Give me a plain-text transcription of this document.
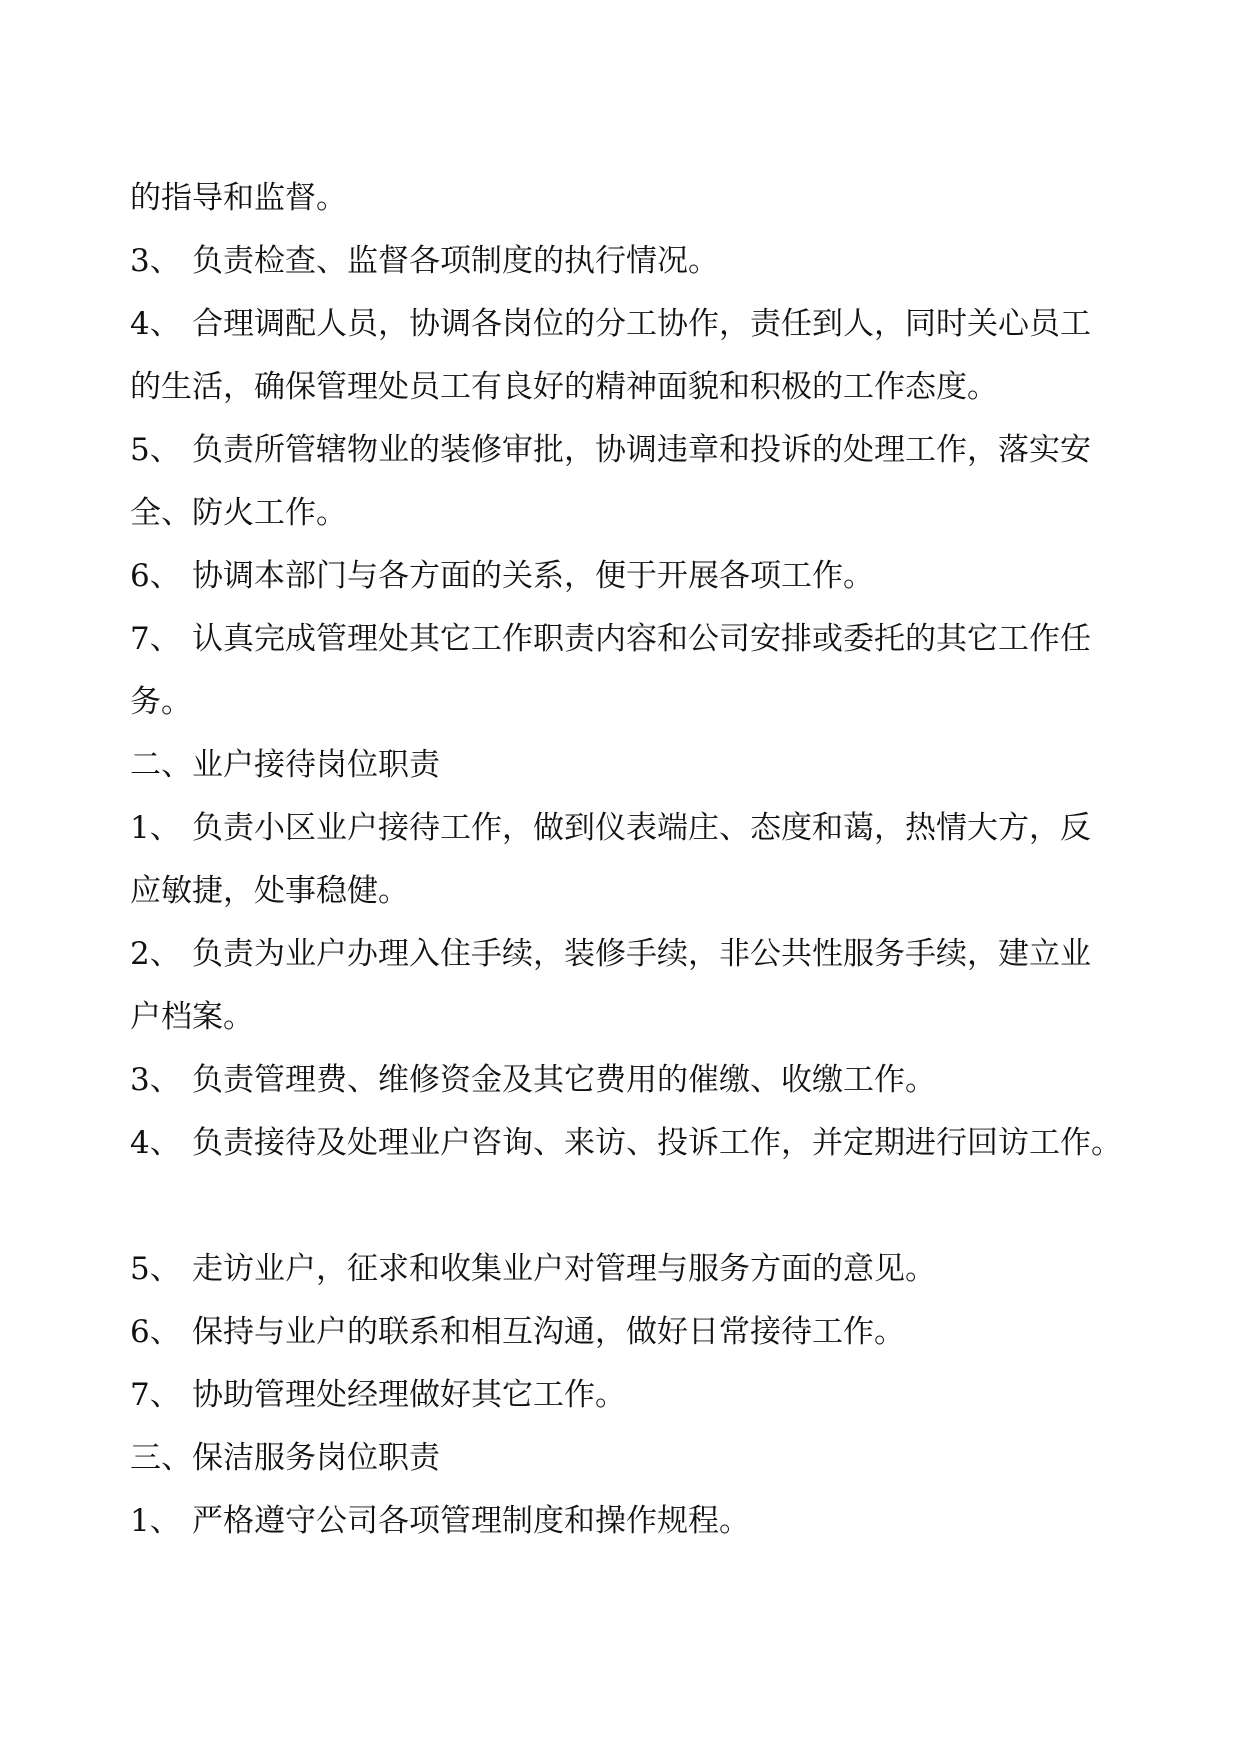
的指导和监督。
3、 负责检查、监督各项制度的执行情况。
4、 合理调配人员，协调各岗位的分工协作，责任到人，同时关心员工
的生活，确保管理处员工有良好的精神面貌和积极的工作态度。
5、 负责所管辖物业的装修审批，协调违章和投诉的处理工作，落实安
全、防火工作。
6、 协调本部门与各方面的关系，便于开展各项工作。
7、 认真完成管理处其它工作职责内容和公司安排或委托的其它工作任
务。
二、业户接待岗位职责
1、 负责小区业户接待工作，做到仪表端庄、态度和蔼，热情大方，反
应敏捷，处事稳健。
2、 负责为业户办理入住手续，装修手续，非公共性服务手续，建立业
户档案。
3、 负责管理费、维修资金及其它费用的催缴、收缴工作。
4、 负责接待及处理业户咨询、来访、投诉工作，并定期进行回访工作。
5、 走访业户，征求和收集业户对管理与服务方面的意见。
6、 保持与业户的联系和相互沟通，做好日常接待工作。
7、 协助管理处经理做好其它工作。
三、保洁服务岗位职责
1、 严格遵守公司各项管理制度和操作规程。
